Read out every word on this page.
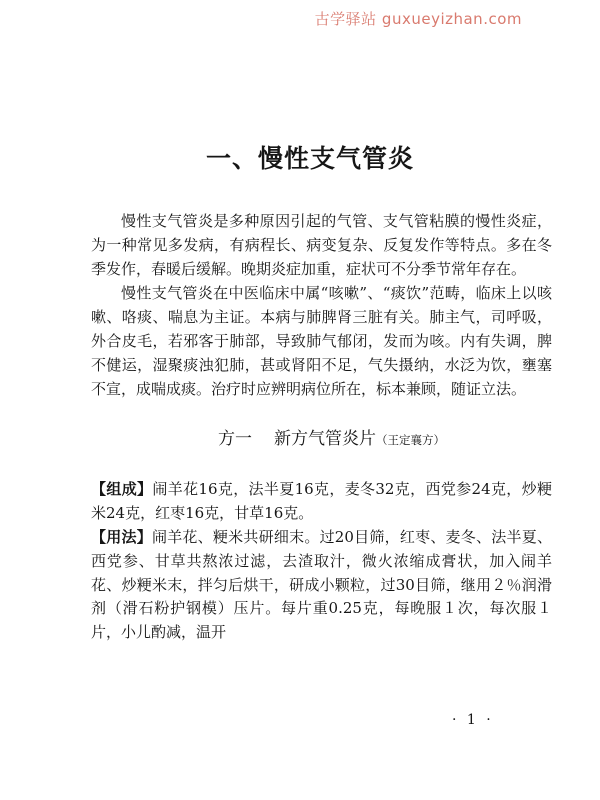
古学驿站 guxueyizhan.com
一、慢性支气管炎

慢性支气管炎是多种原因引起的气管、支气管粘膜的慢性炎症，为一种常见多发病，有病程长、病变复杂、反复发作等特点。多在冬季发作，春暖后缓解。晚期炎症加重，症状可不分季节常年存在。

慢性支气管炎在中医临床中属“咳嗽”、“痰饮”范畴，临床上以咳嗽、咯痰、喘息为主证。本病与肺脾肾三脏有关。肺主气，司呼吸，外合皮毛，若邪客于肺部，导致肺气郁闭，发而为咳。内有失调，脾不健运，湿聚痰浊犯肺，甚或肾阳不足，气失摄纳，水泛为饮，壅塞不宣，成喘成痰。治疗时应辨明病位所在，标本兼顾，随证立法。

方一 新方气管炎片（王定襄方）

【组成】闹羊花16克，法半夏16克，麦冬32克，西党参24克，炒粳米24克，红枣16克，甘草16克。

【用法】闹羊花、粳米共研细末。过20目筛，红枣、麦冬、法半夏、西党参、甘草共熬浓过滤，去渣取汁，微火浓缩成膏状，加入闹羊花、炒粳米末，拌匀后烘干，研成小颗粒，过30目筛，继用２％润滑剂（滑石粉护钢模）压片。每片重0.25克，每晚服１次，每次服１片，小儿酌减，温开

· 1 ·
